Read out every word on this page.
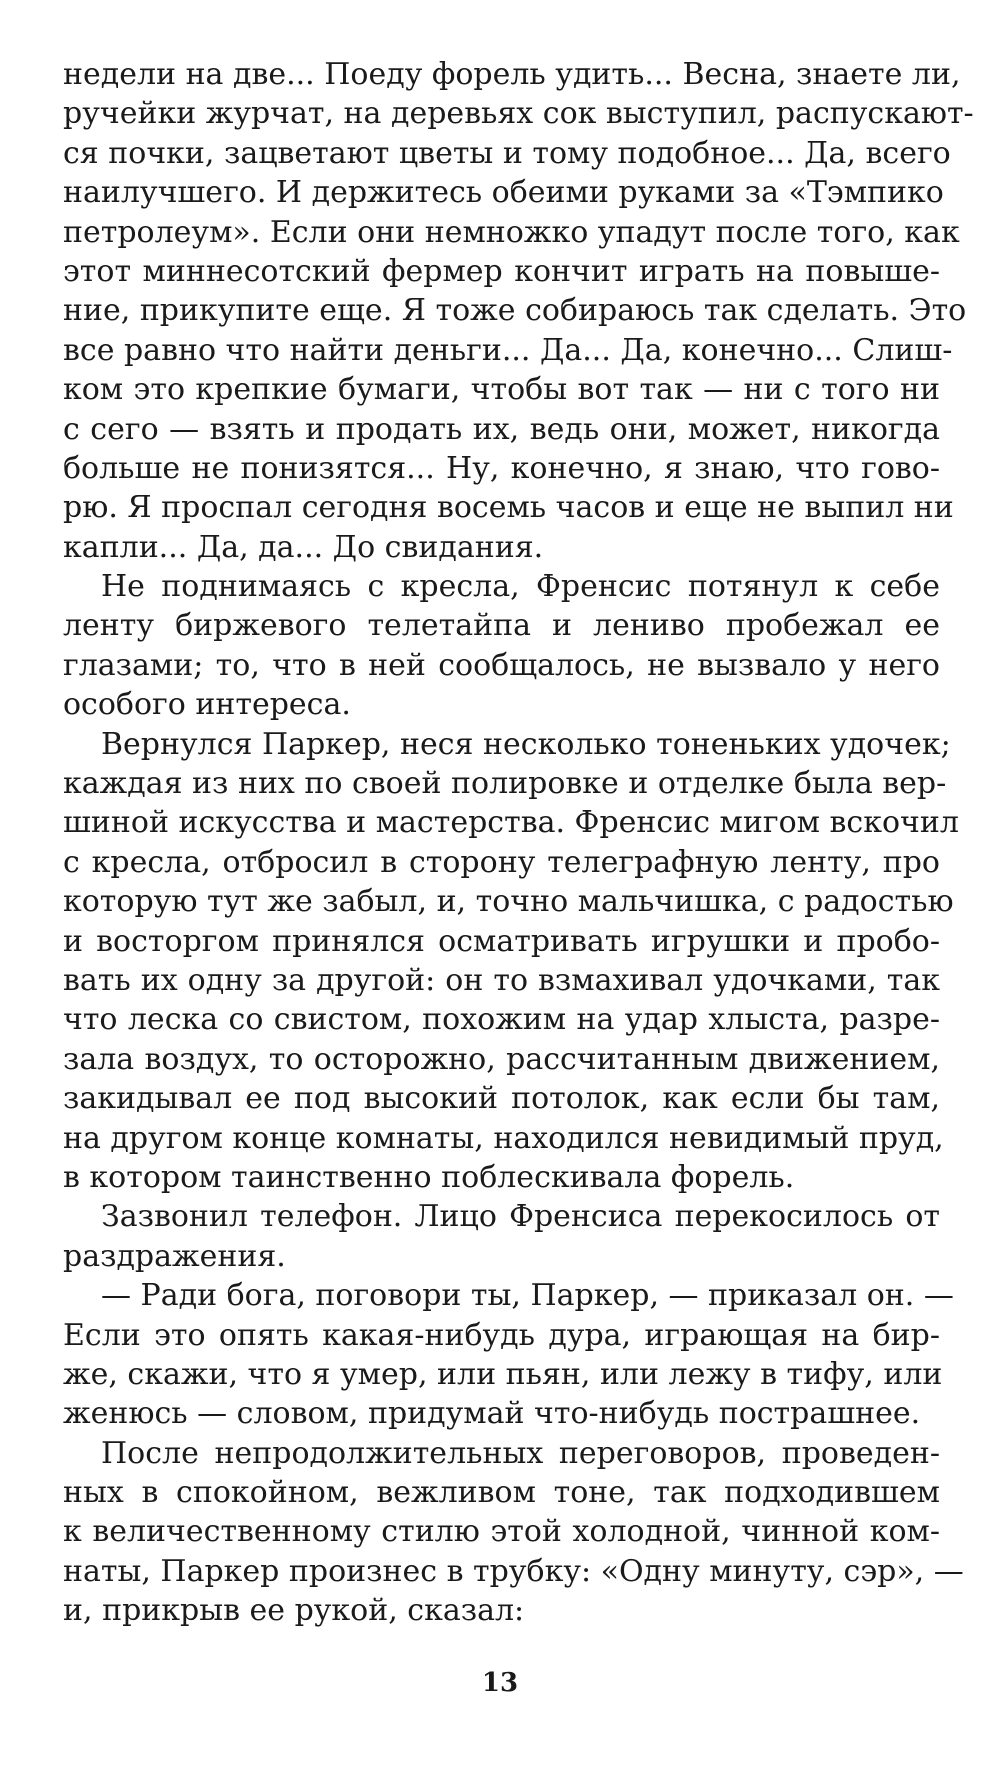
недели на две... Поеду форель удить... Весна, знаете ли,
ручейки журчат, на деревьях сок выступил, распускают-
ся почки, зацветают цветы и тому подобное... Да, всего
наилучшего. И держитесь обеими руками за «Тэмпико
петролеум». Если они немножко упадут после того, как
этот миннесотский фермер кончит играть на повыше-
ние, прикупите еще. Я тоже собираюсь так сделать. Это
все равно что найти деньги... Да... Да, конечно... Слиш-
ком это крепкие бумаги, чтобы вот так — ни с того ни
с сего — взять и продать их, ведь они, может, никогда
больше не понизятся... Ну, конечно, я знаю, что гово-
рю. Я проспал сегодня восемь часов и еще не выпил ни
капли... Да, да... До свидания.
Не поднимаясь с кресла, Френсис потянул к себе
ленту биржевого телетайпа и лениво пробежал ее
глазами; то, что в ней сообщалось, не вызвало у него
особого интереса.
Вернулся Паркер, неся несколько тоненьких удочек;
каждая из них по своей полировке и отделке была вер-
шиной искусства и мастерства. Френсис мигом вскочил
с кресла, отбросил в сторону телеграфную ленту, про
которую тут же забыл, и, точно мальчишка, с радостью
и восторгом принялся осматривать игрушки и пробо-
вать их одну за другой: он то взмахивал удочками, так
что леска со свистом, похожим на удар хлыста, разре-
зала воздух, то осторожно, рассчитанным движением,
закидывал ее под высокий потолок, как если бы там,
на другом конце комнаты, находился невидимый пруд,
в котором таинственно поблескивала форель.
Зазвонил телефон. Лицо Френсиса перекосилось от
раздражения.
— Ради бога, поговори ты, Паркер, — приказал он. —
Если это опять какая-нибудь дура, играющая на бир-
же, скажи, что я умер, или пьян, или лежу в тифу, или
женюсь — словом, придумай что-нибудь пострашнее.
После непродолжительных переговоров, проведен-
ных в спокойном, вежливом тоне, так подходившем
к величественному стилю этой холодной, чинной ком-
наты, Паркер произнес в трубку: «Одну минуту, сэр», —
и, прикрыв ее рукой, сказал:
13
